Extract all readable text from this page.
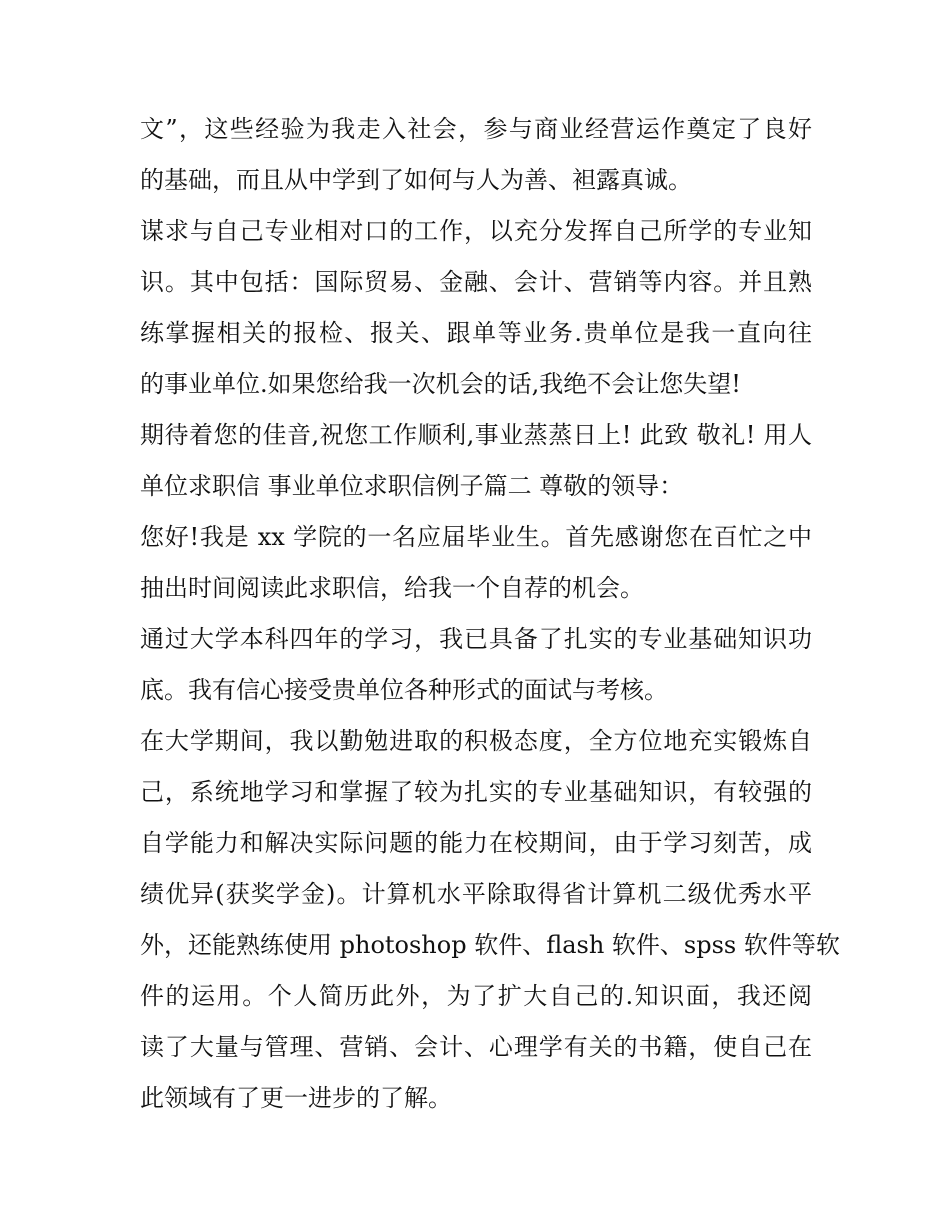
文”，这些经验为我走入社会，参与商业经营运作奠定了良好
的基础，而且从中学到了如何与人为善、袒露真诚。
谋求与自己专业相对口的工作，以充分发挥自己所学的专业知
识。其中包括：国际贸易、金融、会计、营销等内容。并且熟
练掌握相关的报检、报关、跟单等业务.贵单位是我一直向往
的事业单位.如果您给我一次机会的话,我绝不会让您失望!
期待着您的佳音,祝您工作顺利,事业蒸蒸日上! 此致 敬礼! 用人
单位求职信 事业单位求职信例子篇二 尊敬的领导：
您好!我是 xx 学院的一名应届毕业生。首先感谢您在百忙之中
抽出时间阅读此求职信，给我一个自荐的机会。
通过大学本科四年的学习，我已具备了扎实的专业基础知识功
底。我有信心接受贵单位各种形式的面试与考核。
在大学期间，我以勤勉进取的积极态度，全方位地充实锻炼自
己，系统地学习和掌握了较为扎实的专业基础知识，有较强的
自学能力和解决实际问题的能力在校期间，由于学习刻苦，成
绩优异(获奖学金)。计算机水平除取得省计算机二级优秀水平
外，还能熟练使用 photoshop 软件、flash 软件、spss 软件等软
件的运用。个人简历此外，为了扩大自己的.知识面，我还阅
读了大量与管理、营销、会计、心理学有关的书籍，使自己在
此领域有了更一进步的了解。
